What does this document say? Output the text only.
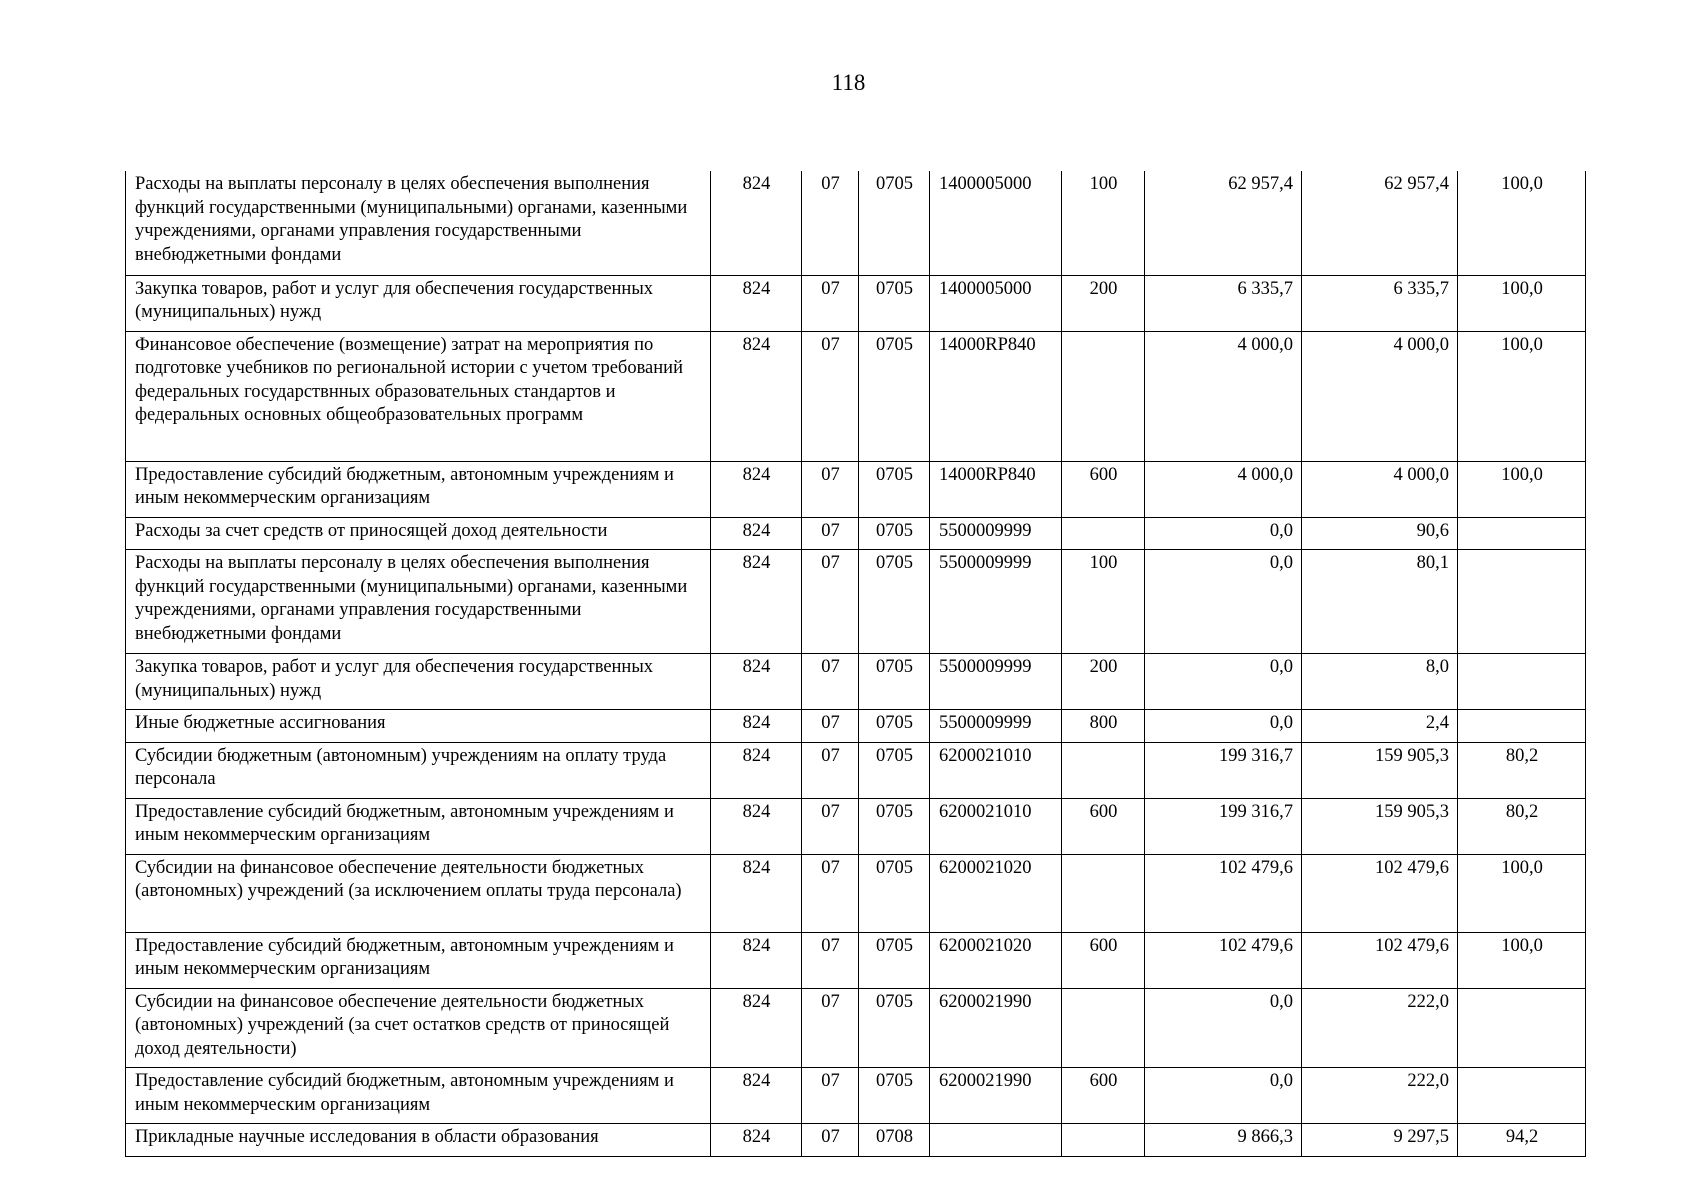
118
Расходы на выплаты персоналу в целях обеспечения выполнения функций государственными (муниципальными) органами, казенными учреждениями, органами управления государственными внебюджетными фондами	824	07	0705	1400005000	100	62 957,4	62 957,4	100,0
Закупка товаров, работ и услуг для обеспечения государственных (муниципальных) нужд	824	07	0705	1400005000	200	6 335,7	6 335,7	100,0
Финансовое обеспечение (возмещение) затрат на мероприятия по подготовке учебников по региональной истории с учетом требований федеральных государствнных образовательных стандартов и федеральных основных общеобразовательных программ	824	07	0705	14000RP840		4 000,0	4 000,0	100,0
Предоставление субсидий бюджетным, автономным учреждениям и иным некоммерческим организациям	824	07	0705	14000RP840	600	4 000,0	4 000,0	100,0
Расходы за счет средств от приносящей доход деятельности	824	07	0705	5500009999		0,0	90,6	
Расходы на выплаты персоналу в целях обеспечения выполнения функций государственными (муниципальными) органами, казенными учреждениями, органами управления государственными внебюджетными фондами	824	07	0705	5500009999	100	0,0	80,1	
Закупка товаров, работ и услуг для обеспечения государственных (муниципальных) нужд	824	07	0705	5500009999	200	0,0	8,0	
Иные бюджетные ассигнования	824	07	0705	5500009999	800	0,0	2,4	
Субсидии бюджетным (автономным) учреждениям на оплату труда персонала	824	07	0705	6200021010		199 316,7	159 905,3	80,2
Предоставление субсидий бюджетным, автономным учреждениям и иным некоммерческим организациям	824	07	0705	6200021010	600	199 316,7	159 905,3	80,2
Субсидии на финансовое обеспечение деятельности бюджетных (автономных) учреждений (за исключением оплаты труда персонала)	824	07	0705	6200021020		102 479,6	102 479,6	100,0
Предоставление субсидий бюджетным, автономным учреждениям и иным некоммерческим организациям	824	07	0705	6200021020	600	102 479,6	102 479,6	100,0
Субсидии на финансовое обеспечение деятельности бюджетных (автономных) учреждений (за счет остатков средств от приносящей доход деятельности)	824	07	0705	6200021990		0,0	222,0	
Предоставление субсидий бюджетным, автономным учреждениям и иным некоммерческим организациям	824	07	0705	6200021990	600	0,0	222,0	
Прикладные научные исследования в области образования	824	07	0708			9 866,3	9 297,5	94,2
